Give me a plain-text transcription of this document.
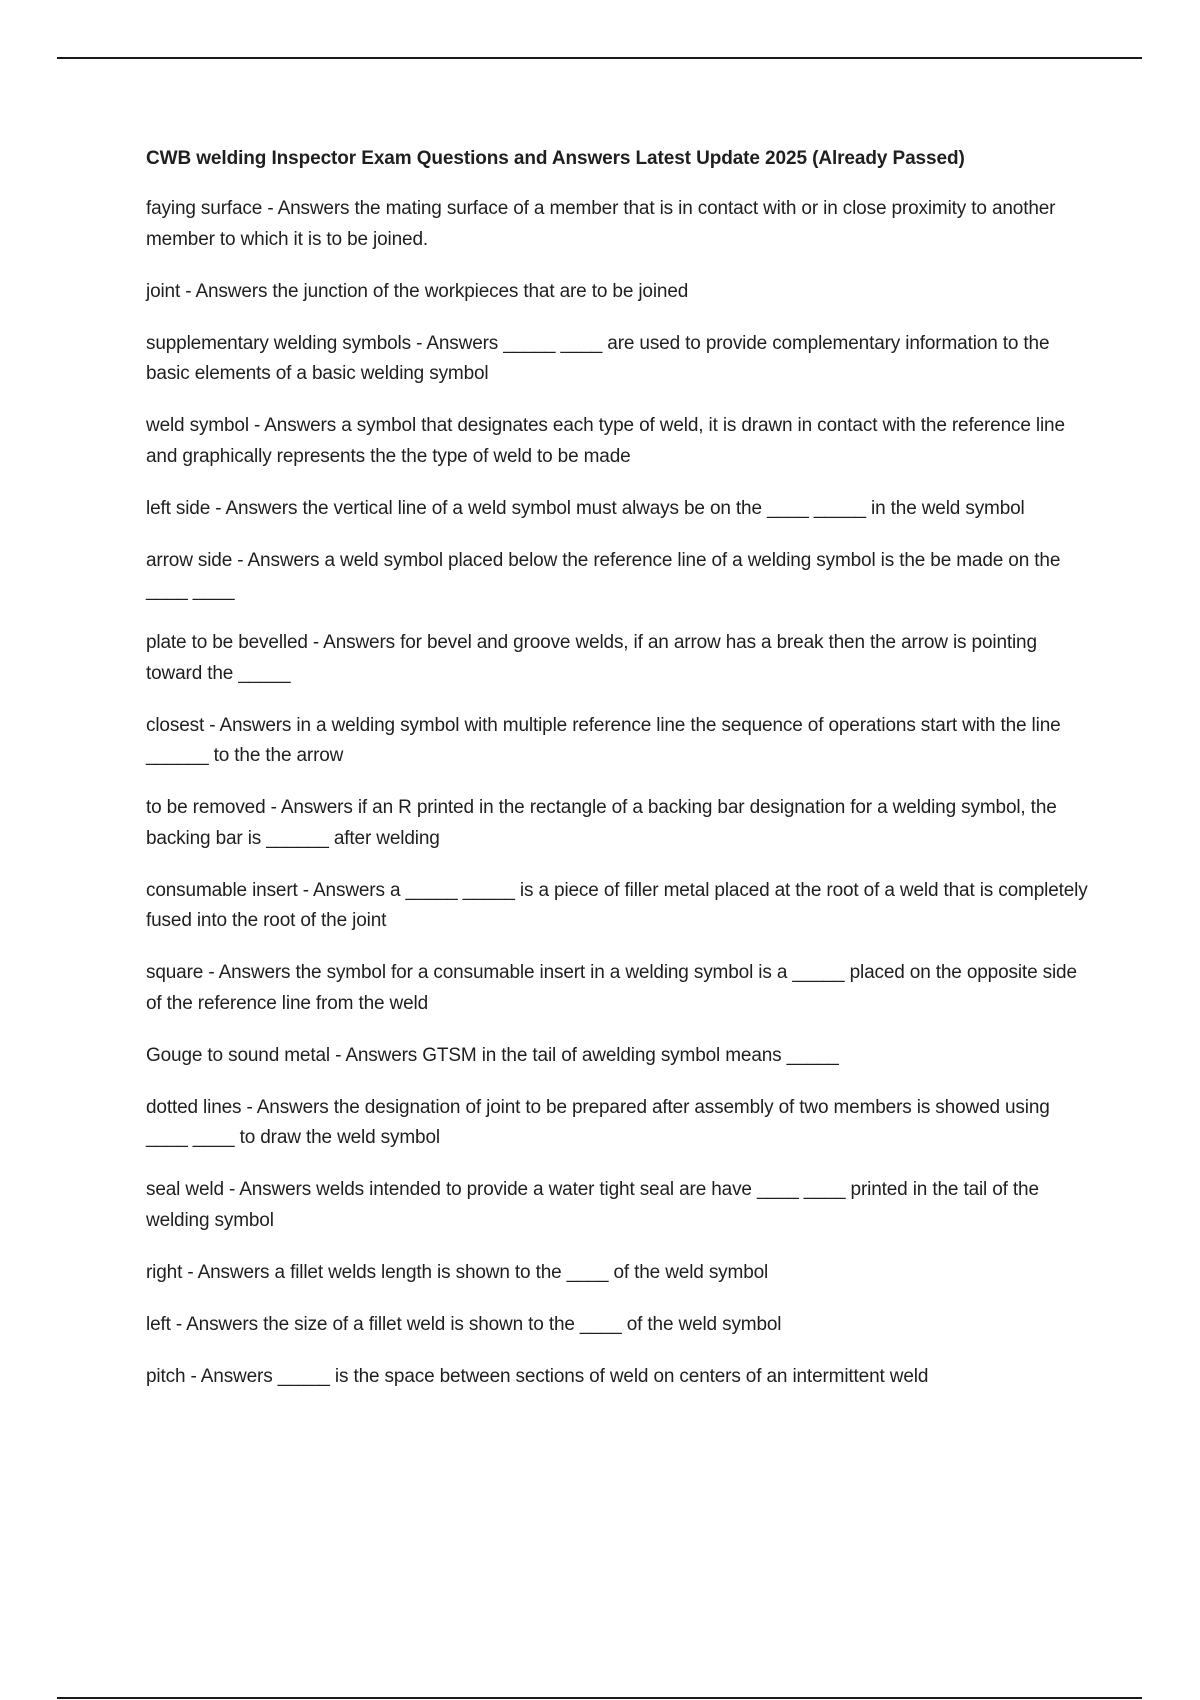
CWB welding Inspector Exam Questions and Answers Latest Update 2025 (Already Passed)
faying surface - Answers the mating surface of a member that is in contact with or in close proximity to another member to which it is to be joined.
joint - Answers the junction of the workpieces that are to be joined
supplementary welding symbols - Answers _____ ____ are used to provide complementary information to the basic elements of a basic welding symbol
weld symbol - Answers a symbol that designates each type of weld, it is drawn in contact with the reference line and graphically represents the the type of weld to be made
left side - Answers the vertical line of a weld symbol must always be on the ____ _____ in the weld symbol
arrow side - Answers a weld symbol placed below the reference line of a welding symbol is the be made on the ____ ____
plate to be bevelled - Answers for bevel and groove welds, if an arrow has a break then the arrow is pointing toward the _____
closest - Answers in a welding symbol with multiple reference line the sequence of operations start with the line ______ to the the arrow
to be removed - Answers if an R printed in the rectangle of a backing bar designation for a welding symbol, the backing bar is ______ after welding
consumable insert - Answers a _____ _____ is a piece of filler metal placed at the root of a weld that is completely fused into the root of the joint
square - Answers the symbol for a consumable insert in a welding symbol is a _____ placed on the opposite side of the reference line from the weld
Gouge to sound metal - Answers GTSM in the tail of awelding symbol means _____
dotted lines - Answers the designation of joint to be prepared after assembly of two members is showed using ____ ____ to draw the weld symbol
seal weld - Answers welds intended to provide a water tight seal are have ____ ____ printed in the tail of the welding symbol
right - Answers a fillet welds length is shown to the ____ of the weld symbol
left - Answers the size of a fillet weld is shown to the ____ of the weld symbol
pitch - Answers _____ is the space between sections of weld on centers of an intermittent weld
